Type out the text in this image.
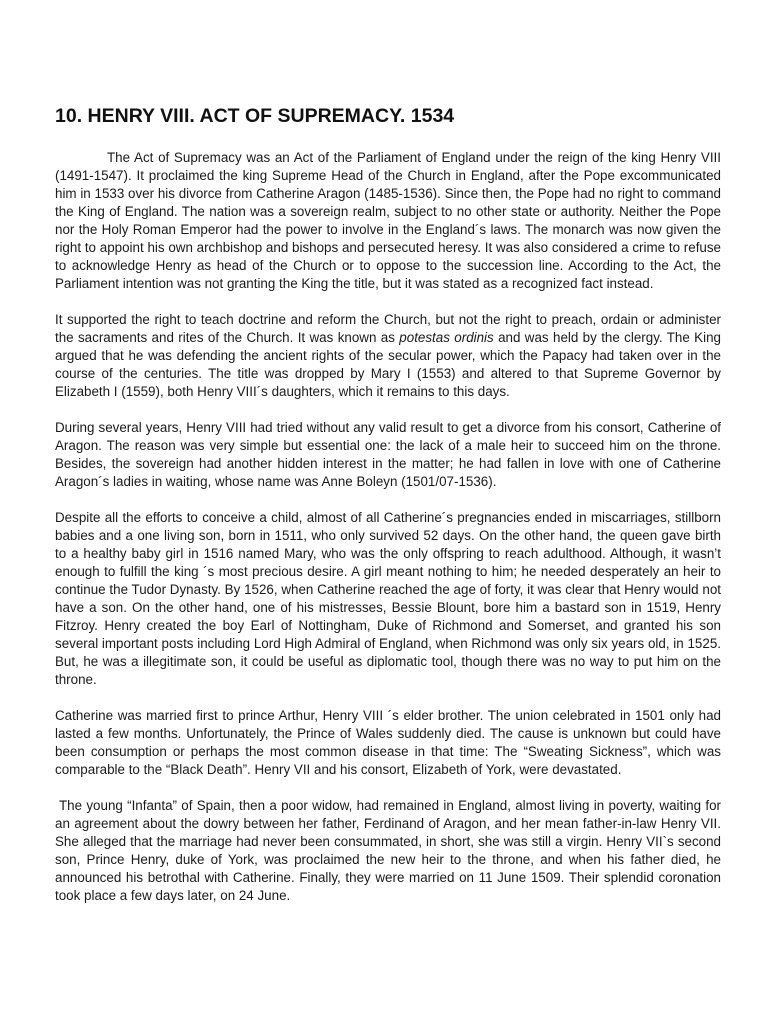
10. HENRY VIII. ACT OF SUPREMACY. 1534

The Act of Supremacy was an Act of the Parliament of England under the reign of the king Henry VIII (1491-1547). It proclaimed the king Supreme Head of the Church in England, after the Pope excommunicated him in 1533 over his divorce from Catherine Aragon (1485-1536). Since then, the Pope had no right to command the King of England. The nation was a sovereign realm, subject to no other state or authority. Neither the Pope nor the Holy Roman Emperor had the power to involve in the England´s laws. The monarch was now given the right to appoint his own archbishop and bishops and persecuted heresy. It was also considered a crime to refuse to acknowledge Henry as head of the Church or to oppose to the succession line. According to the Act, the Parliament intention was not granting the King the title, but it was stated as a recognized fact instead.

It supported the right to teach doctrine and reform the Church, but not the right to preach, ordain or administer the sacraments and rites of the Church. It was known as potestas ordinis and was held by the clergy. The King argued that he was defending the ancient rights of the secular power, which the Papacy had taken over in the course of the centuries. The title was dropped by Mary I (1553) and altered to that Supreme Governor by Elizabeth I (1559), both Henry VIII´s daughters, which it remains to this days.

During several years, Henry VIII had tried without any valid result to get a divorce from his consort, Catherine of Aragon. The reason was very simple but essential one: the lack of a male heir to succeed him on the throne. Besides, the sovereign had another hidden interest in the matter; he had fallen in love with one of Catherine Aragon´s ladies in waiting, whose name was Anne Boleyn (1501/07-1536).

Despite all the efforts to conceive a child, almost of all Catherine´s pregnancies ended in miscarriages, stillborn babies and a one living son, born in 1511, who only survived 52 days. On the other hand, the queen gave birth to a healthy baby girl in 1516 named Mary, who was the only offspring to reach adulthood. Although, it wasn’t enough to fulfill the king ´s most precious desire. A girl meant nothing to him; he needed desperately an heir to continue the Tudor Dynasty. By 1526, when Catherine reached the age of forty, it was clear that Henry would not have a son. On the other hand, one of his mistresses, Bessie Blount, bore him a bastard son in 1519, Henry Fitzroy. Henry created the boy Earl of Nottingham, Duke of Richmond and Somerset, and granted his son several important posts including Lord High Admiral of England, when Richmond was only six years old, in 1525. But, he was a illegitimate son, it could be useful as diplomatic tool, though there was no way to put him on the throne.

Catherine was married first to prince Arthur, Henry VIII ´s elder brother. The union celebrated in 1501 only had lasted a few months. Unfortunately, the Prince of Wales suddenly died. The cause is unknown but could have been consumption or perhaps the most common disease in that time: The “Sweating Sickness”, which was comparable to the “Black Death”. Henry VII and his consort, Elizabeth of York, were devastated.

The young “Infanta” of Spain, then a poor widow, had remained in England, almost living in poverty, waiting for an agreement about the dowry between her father, Ferdinand of Aragon, and her mean father-in-law Henry VII. She alleged that the marriage had never been consummated, in short, she was still a virgin. Henry VII`s second son, Prince Henry, duke of York, was proclaimed the new heir to the throne, and when his father died, he announced his betrothal with Catherine. Finally, they were married on 11 June 1509. Their splendid coronation took place a few days later, on 24 June.
